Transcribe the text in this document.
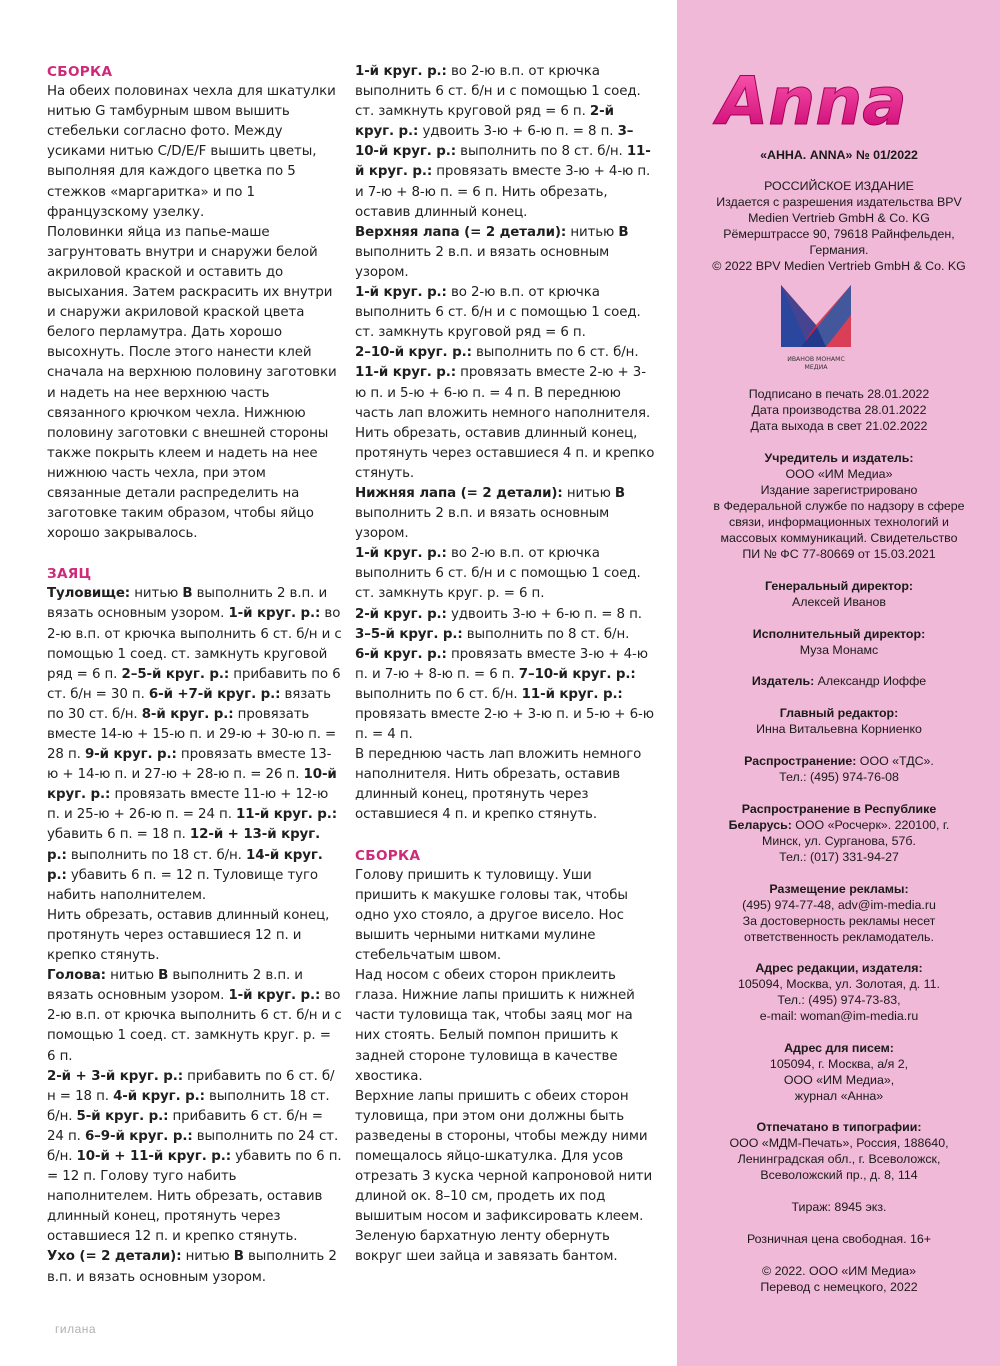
СБОРКА

На обеих половинах чехла для шкатулки нитью G тамбурным швом вышить стебельки согласно фото. Между усиками нитью C/D/E/F вышить цветы, выполняя для каждого цветка по 5 стежков «маргаритка» и по 1 французскому узелку.

Половинки яйца из папье-маше загрунтовать внутри и снаружи белой акриловой краской и оставить до высыхания. Затем раскрасить их внутри и снаружи акриловой краской цвета белого перламутра. Дать хорошо высохнуть. После этого нанести клей сначала на верхнюю половину заготовки и надеть на нее верхнюю часть связанного крючком чехла. Нижнюю половину заготовки с внешней стороны также покрыть клеем и надеть на нее нижнюю часть чехла, при этом связанные детали распределить на заготовке таким образом, чтобы яйцо хорошо закрывалось.

ЗАЯЦ

Туловище: нитью B выполнить 2 в.п. и вязать основным узором. 1-й круг. р.: во 2-ю в.п. от крючка выполнить 6 ст. б/н и с помощью 1 соед. ст. замкнуть круговой ряд = 6 п. 2–5-й круг. р.: прибавить по 6 ст. б/н = 30 п. 6-й +7-й круг. р.: вязать по 30 ст. б/н. 8-й круг. р.: провязать вместе 14-ю + 15-ю п. и 29-ю + 30-ю п. = 28 п. 9-й круг. р.: провязать вместе 13-ю + 14-ю п. и 27-ю + 28-ю п. = 26 п. 10-й круг. р.: провязать вместе 11-ю + 12-ю п. и 25-ю + 26-ю п. = 24 п. 11-й круг. р.: убавить 6 п. = 18 п. 12-й + 13-й круг. р.: выполнить по 18 ст. б/н. 14-й круг. р.: убавить 6 п. = 12 п. Туловище туго набить наполнителем.

Нить обрезать, оставив длинный конец, протянуть через оставшиеся 12 п. и крепко стянуть.

Голова: нитью B выполнить 2 в.п. и вязать основным узором. 1-й круг. р.: во 2-ю в.п. от крючка выполнить 6 ст. б/н и с помощью 1 соед. ст. замкнуть круг. р. = 6 п.

2-й + 3-й круг. р.: прибавить по 6 ст. б/н = 18 п. 4-й круг. р.: выполнить 18 ст. б/н. 5-й круг. р.: прибавить 6 ст. б/н = 24 п. 6–9-й круг. р.: выполнить по 24 ст. б/н. 10-й + 11-й круг. р.: убавить по 6 п. = 12 п. Голову туго набить наполнителем. Нить обрезать, оставив длинный конец, протянуть через оставшиеся 12 п. и крепко стянуть.

Ухо (= 2 детали): нитью B выполнить 2 в.п. и вязать основным узором.

1-й круг. р.: во 2-ю в.п. от крючка выполнить 6 ст. б/н и с помощью 1 соед. ст. замкнуть круговой ряд = 6 п. 2-й круг. р.: удвоить 3-ю + 6-ю п. = 8 п. 3–10-й круг. р.: выполнить по 8 ст. б/н. 11-й круг. р.: провязать вместе 3-ю + 4-ю п. и 7-ю + 8-ю п. = 6 п. Нить обрезать, оставив длинный конец.

Верхняя лапа (= 2 детали): нитью B выполнить 2 в.п. и вязать основным узором.

1-й круг. р.: во 2-ю в.п. от крючка выполнить 6 ст. б/н и с помощью 1 соед. ст. замкнуть круговой ряд = 6 п.

2–10-й круг. р.: выполнить по 6 ст. б/н. 11-й круг. р.: провязать вместе 2-ю + 3-ю п. и 5-ю + 6-ю п. = 4 п. В переднюю часть лап вложить немного наполнителя. Нить обрезать, оставив длинный конец, протянуть через оставшиеся 4 п. и крепко стянуть.

Нижняя лапа (= 2 детали): нитью B выполнить 2 в.п. и вязать основным узором.

1-й круг. р.: во 2-ю в.п. от крючка выполнить 6 ст. б/н и с помощью 1 соед. ст. замкнуть круг. р. = 6 п.

2-й круг. р.: удвоить 3-ю + 6-ю п. = 8 п.

3–5-й круг. р.: выполнить по 8 ст. б/н.

6-й круг. р.: провязать вместе 3-ю + 4-ю п. и 7-ю + 8-ю п. = 6 п. 7–10-й круг. р.: выполнить по 6 ст. б/н. 11-й круг. р.: провязать вместе 2-ю + 3-ю п. и 5-ю + 6-ю п. = 4 п.

В переднюю часть лап вложить немного наполнителя. Нить обрезать, оставив длинный конец, протянуть через оставшиеся 4 п. и крепко стянуть.

СБОРКА

Голову пришить к туловищу. Уши пришить к макушке головы так, чтобы одно ухо стояло, а другое висело. Нос вышить черными нитками мулине стебельчатым швом.

Над носом с обеих сторон приклеить глаза. Нижние лапы пришить к нижней части туловища так, чтобы заяц мог на них стоять. Белый помпон пришить к задней стороне туловища в качестве хвостика.

Верхние лапы пришить с обеих сторон туловища, при этом они должны быть разведены в стороны, чтобы между ними помещалось яйцо-шкатулка. Для усов отрезать 3 куска черной капроновой нити длиной ок. 8–10 см, продеть их под вышитым носом и зафиксировать клеем.

Зеленую бархатную ленту обернуть вокруг шеи зайца и завязать бантом.

гилана
Anna
«АННА. ANNA» № 01/2022
РОССИЙСКОЕ ИЗДАНИЕ
Издается с разрешения издательства BPV
Medien Vertrieb GmbH & Co. KG
Рёмерштрассе 90, 79618 Райнфельден,
Германия.
© 2022 BPV Medien Vertrieb GmbH & Co. KG
ИВАНОВ МОНАМС
МЕДИА
Подписано в печать 28.01.2022
Дата производства 28.01.2022
Дата выхода в свет 21.02.2022
Учредитель и издатель:
ООО «ИМ Медиа»
Издание зарегистрировано
в Федеральной службе по надзору в сфере
связи, информационных технологий и
массовых коммуникаций. Свидетельство
ПИ № ФС 77-80669 от 15.03.2021
Генеральный директор:
Алексей Иванов
Исполнительный директор:
Муза Монамс
Издатель: Александр Иоффе
Главный редактор:
Инна Витальевна Корниенко
Распространение: ООО «ТДС».
Тел.: (495) 974-76-08
Распространение в Республике
Беларусь: ООО «Росчерк». 220100, г.
Минск, ул. Сурганова, 57б.
Тел.: (017) 331-94-27
Размещение рекламы:
(495) 974-77-48, adv@im-media.ru
За достоверность рекламы несет
ответственность рекламодатель.
Адрес редакции, издателя:
105094, Москва, ул. Золотая, д. 11.
Тел.: (495) 974-73-83,
e-mail: woman@im-media.ru
Адрес для писем:
105094, г. Москва, а/я 2,
ООО «ИМ Медиа»,
журнал «Анна»
Отпечатано в типографии:
ООО «МДМ-Печать», Россия, 188640,
Ленинградская обл., г. Всеволожск,
Всеволожский пр., д. 8, 114
Тираж: 8945 экз.
Розничная цена свободная. 16+
© 2022. ООО «ИМ Медиа»
Перевод с немецкого, 2022
